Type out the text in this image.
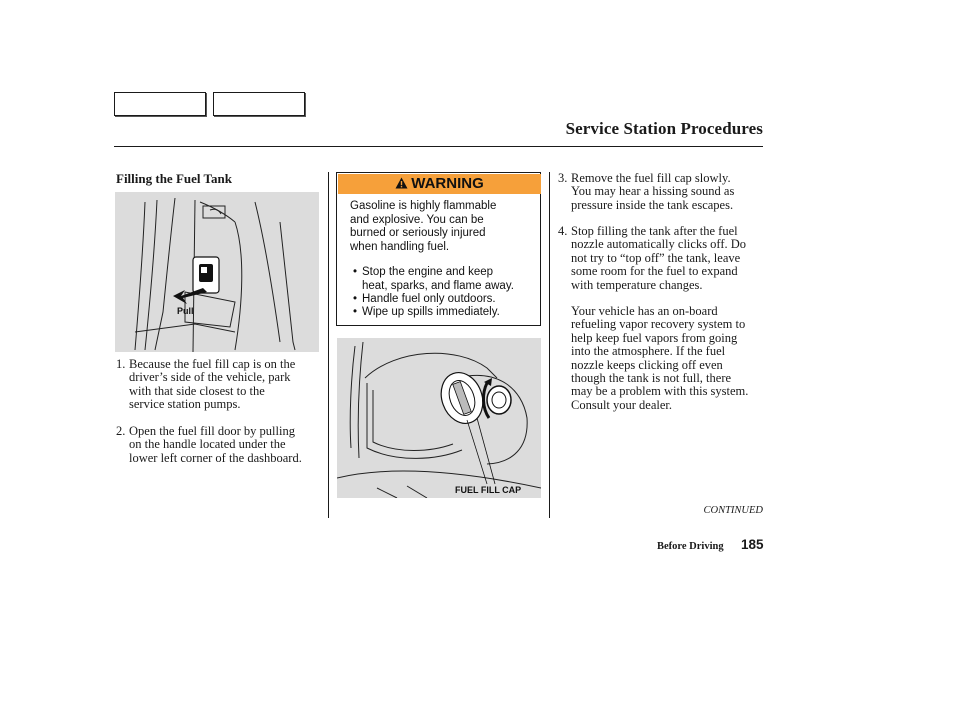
Service Station Procedures
Filling the Fuel Tank
Pull
1. Because the fuel fill cap is on the
driver’s side of the vehicle, park
with that side closest to the
service station pumps.
2. Open the fuel fill door by pulling
on the handle located under the
lower left corner of the dashboard.
WARNING
Gasoline is highly flammable
and explosive. You can be
burned or seriously injured
when handling fuel.
• Stop the engine and keep
heat, sparks, and flame away.
• Handle fuel only outdoors.
• Wipe up spills immediately.
FUEL FILL CAP
3. Remove the fuel fill cap slowly.
You may hear a hissing sound as
pressure inside the tank escapes.
4. Stop filling the tank after the fuel
nozzle automatically clicks off. Do
not try to “top off” the tank, leave
some room for the fuel to expand
with temperature changes.
Your vehicle has an on-board
refueling vapor recovery system to
help keep fuel vapors from going
into the atmosphere. If the fuel
nozzle keeps clicking off even
though the tank is not full, there
may be a problem with this system.
Consult your dealer.
CONTINUED
Before Driving 185
